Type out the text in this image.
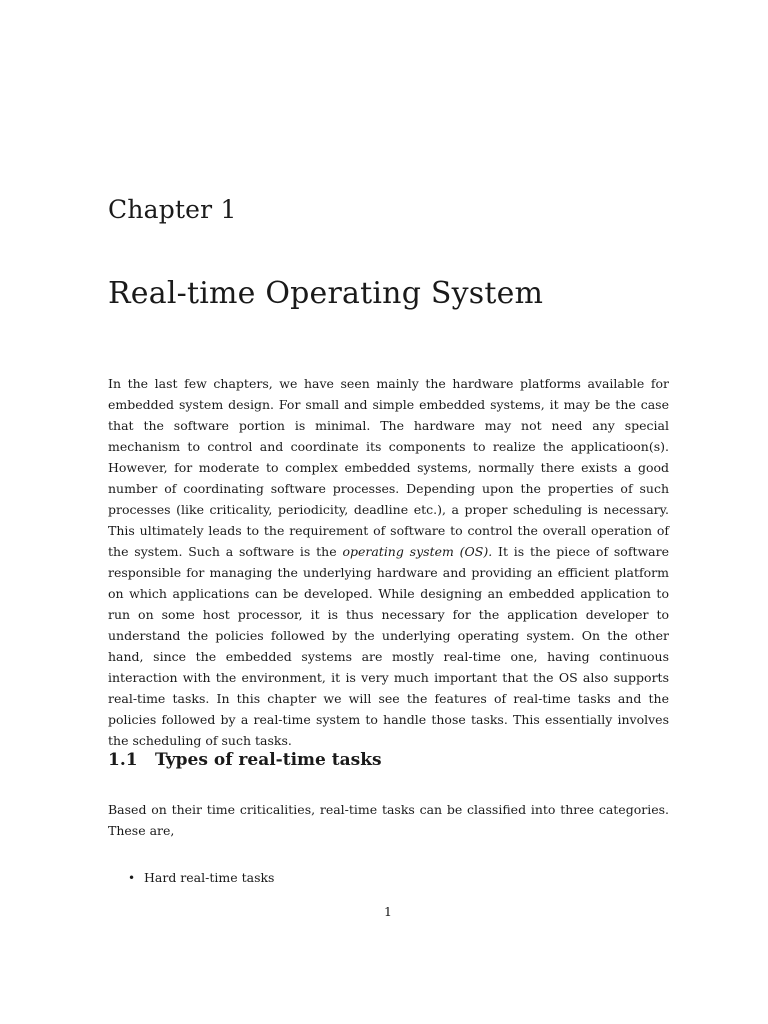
Chapter 1
Real-time Operating System

In the last few chapters, we have seen mainly the hardware platforms available for embedded system design. For small and simple embedded systems, it may be the case that the software portion is minimal. The hardware may not need any special mechanism to control and coordinate its components to realize the applicatioon(s). However, for moderate to complex embedded systems, normally there exists a good number of coordinating software processes. Depending upon the properties of such processes (like criticality, periodicity, deadline etc.), a proper scheduling is necessary. This ultimately leads to the requirement of software to control the overall operation of the system. Such a software is the operating system (OS). It is the piece of software responsible for managing the underlying hardware and providing an efficient platform on which applications can be developed. While designing an embedded application to run on some host processor, it is thus necessary for the application developer to understand the policies followed by the underlying operating system. On the other hand, since the embedded systems are mostly real-time one, having continuous interaction with the environment, it is very much important that the OS also supports real-time tasks. In this chapter we will see the features of real-time tasks and the policies followed by a real-time system to handle those tasks. This essentially involves the scheduling of such tasks.

1.1 Types of real-time tasks

Based on their time criticalities, real-time tasks can be classified into three categories. These are,

• Hard real-time tasks
1
